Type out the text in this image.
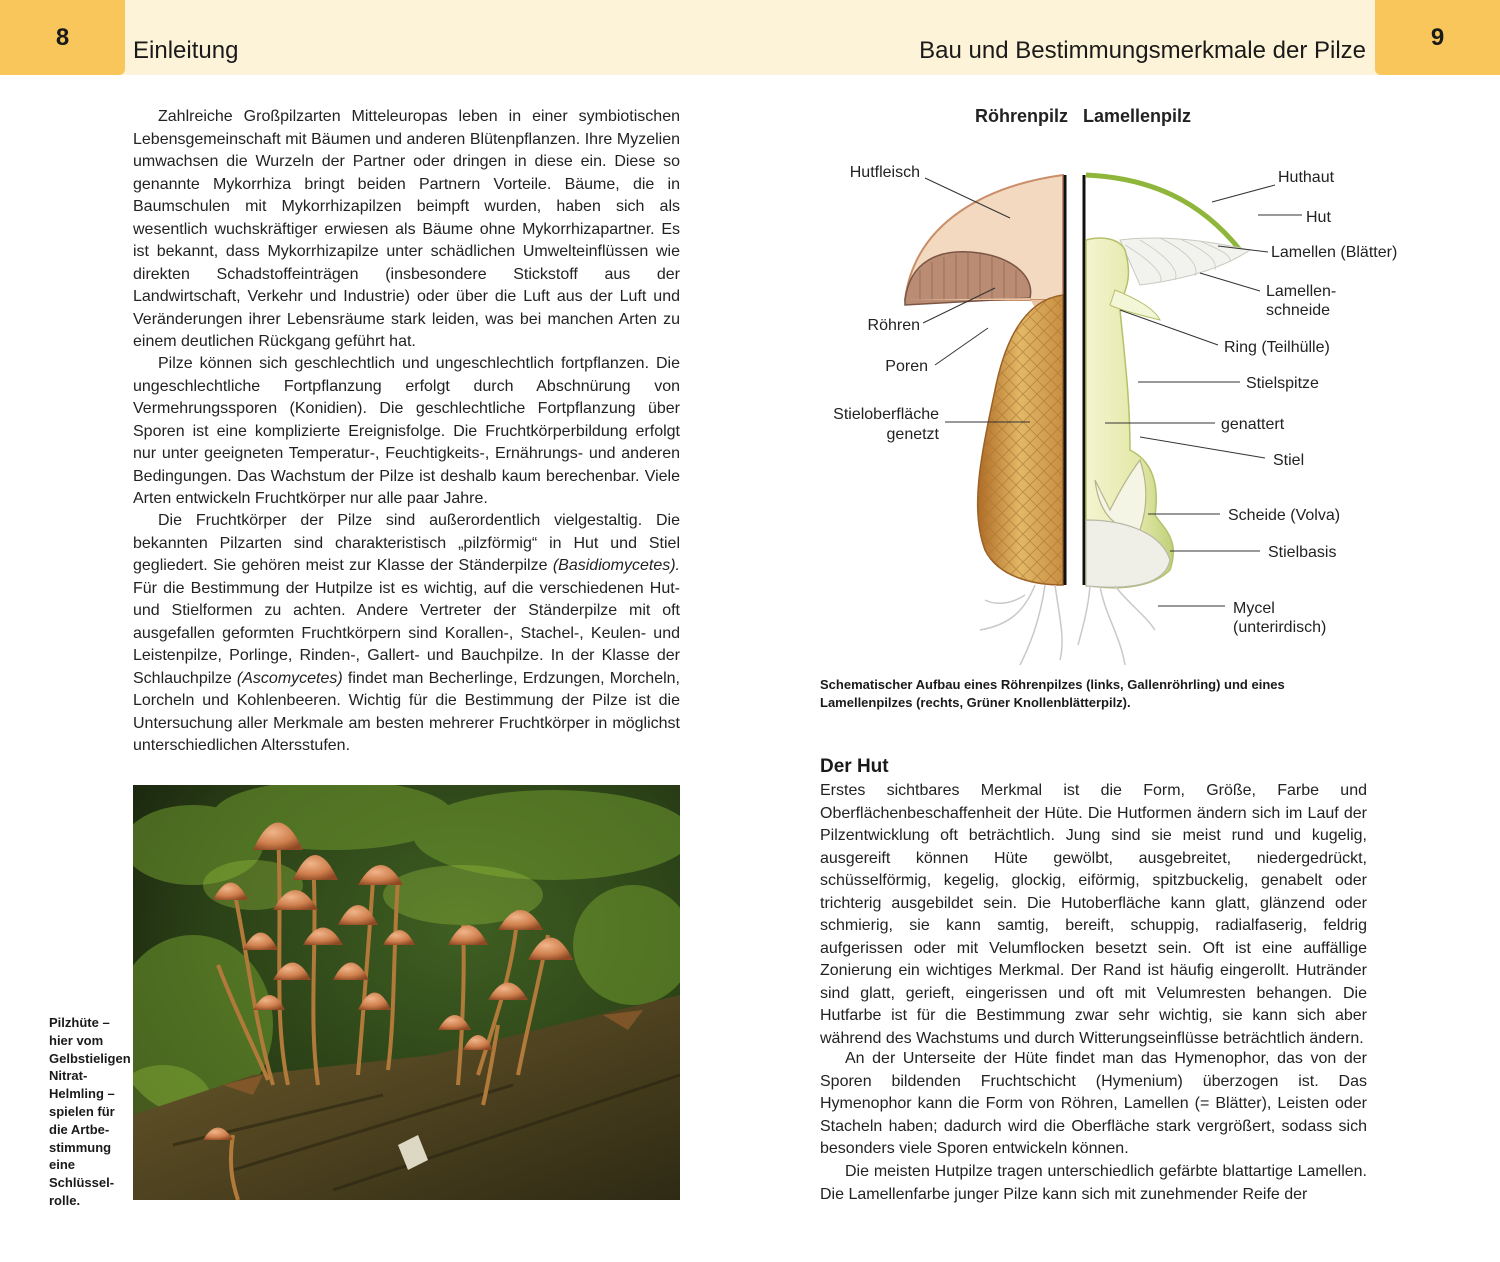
8	Einleitung	Bau und Bestimmungsmerkmale der Pilze	9

Zahlreiche Großpilzarten Mitteleuropas leben in einer symbiotischen Lebensgemeinschaft mit Bäumen und anderen Blütenpflanzen. Ihre Myzelien umwachsen die Wurzeln der Partner oder dringen in diese ein. Diese so genannte Mykorrhiza bringt beiden Partnern Vorteile. Bäume, die in Baumschulen mit Mykorrhizapilzen beimpft wurden, haben sich als wesentlich wuchskräftiger erwiesen als Bäume ohne Mykorrhizapartner. Es ist bekannt, dass Mykorrhizapilze unter schädlichen Umwelteinflüssen wie direkten Schadstoffeinträgen (insbesondere Stickstoff aus der Landwirtschaft, Verkehr und Industrie) oder über die Luft aus der Luft und Veränderungen ihrer Lebensräume stark leiden, was bei manchen Arten zu einem deutlichen Rückgang geführt hat.

Pilze können sich geschlechtlich und ungeschlechtlich fortpflanzen. Die ungeschlechtliche Fortpflanzung erfolgt durch Abschnürung von Vermehrungssporen (Konidien). Die geschlechtliche Fortpflanzung über Sporen ist eine komplizierte Ereignisfolge. Die Fruchtkörperbildung erfolgt nur unter geeigneten Temperatur-, Feuchtigkeits-, Ernährungs- und anderen Bedingungen. Das Wachstum der Pilze ist deshalb kaum berechenbar. Viele Arten entwickeln Fruchtkörper nur alle paar Jahre.

Die Fruchtkörper der Pilze sind außerordentlich vielgestaltig. Die bekannten Pilzarten sind charakteristisch „pilzförmig“ in Hut und Stiel gegliedert. Sie gehören meist zur Klasse der Ständerpilze (Basidiomycetes). Für die Bestimmung der Hutpilze ist es wichtig, auf die verschiedenen Hut- und Stielformen zu achten. Andere Vertreter der Ständerpilze mit oft ausgefallen geformten Fruchtkörpern sind Korallen-, Stachel-, Keulen- und Leistenpilze, Porlinge, Rinden-, Gallert- und Bauchpilze. In der Klasse der Schlauchpilze (Ascomycetes) findet man Becherlinge, Erdzungen, Morcheln, Lorcheln und Kohlenbeeren. Wichtig für die Bestimmung der Pilze ist die Untersuchung aller Merkmale am besten mehrerer Fruchtkörper in möglichst unterschiedlichen Altersstufen.

Pilzhüte –
hier vom
Gelbstieligen
Nitrat-
Helmling –
spielen für
die Artbe-
stimmung
eine
Schlüssel-
rolle.
Röhrenpilz Lamellenpilz
Hutfleisch
Röhren
Poren
Stieloberfläche
genetzt
Huthaut
Hut
Lamellen (Blätter)
Lamellen-
schneide
Ring (Teilhülle)
Stielspitze
genattert
Stiel
Scheide (Volva)
Stielbasis
Mycel
(unterirdisch)

Schematischer Aufbau eines Röhrenpilzes (links, Gallenröhrling) und eines Lamellenpilzes (rechts, Grüner Knollenblätterpilz).

Der Hut

Erstes sichtbares Merkmal ist die Form, Größe, Farbe und Oberflächenbeschaffenheit der Hüte. Die Hutformen ändern sich im Lauf der Pilzentwicklung oft beträchtlich. Jung sind sie meist rund und kugelig, ausgereift können Hüte gewölbt, ausgebreitet, niedergedrückt, schüsselförmig, kegelig, glockig, eiförmig, spitzbuckelig, genabelt oder trichterig ausgebildet sein. Die Hutoberfläche kann glatt, glänzend oder schmierig, sie kann samtig, bereift, schuppig, radialfaserig, feldrig aufgerissen oder mit Velumflocken besetzt sein. Oft ist eine auffällige Zonierung ein wichtiges Merkmal. Der Rand ist häufig eingerollt. Hutränder sind glatt, gerieft, eingerissen und oft mit Velumresten behangen. Die Hutfarbe ist für die Bestimmung zwar sehr wichtig, sie kann sich aber während des Wachstums und durch Witterungseinflüsse beträchtlich ändern.

An der Unterseite der Hüte findet man das Hymenophor, das von der Sporen bildenden Fruchtschicht (Hymenium) überzogen ist. Das Hymenophor kann die Form von Röhren, Lamellen (= Blätter), Leisten oder Stacheln haben; dadurch wird die Oberfläche stark vergrößert, sodass sich besonders viele Sporen entwickeln können.

Die meisten Hutpilze tragen unterschiedlich gefärbte blattartige Lamellen. Die Lamellenfarbe junger Pilze kann sich mit zunehmender Reife der
